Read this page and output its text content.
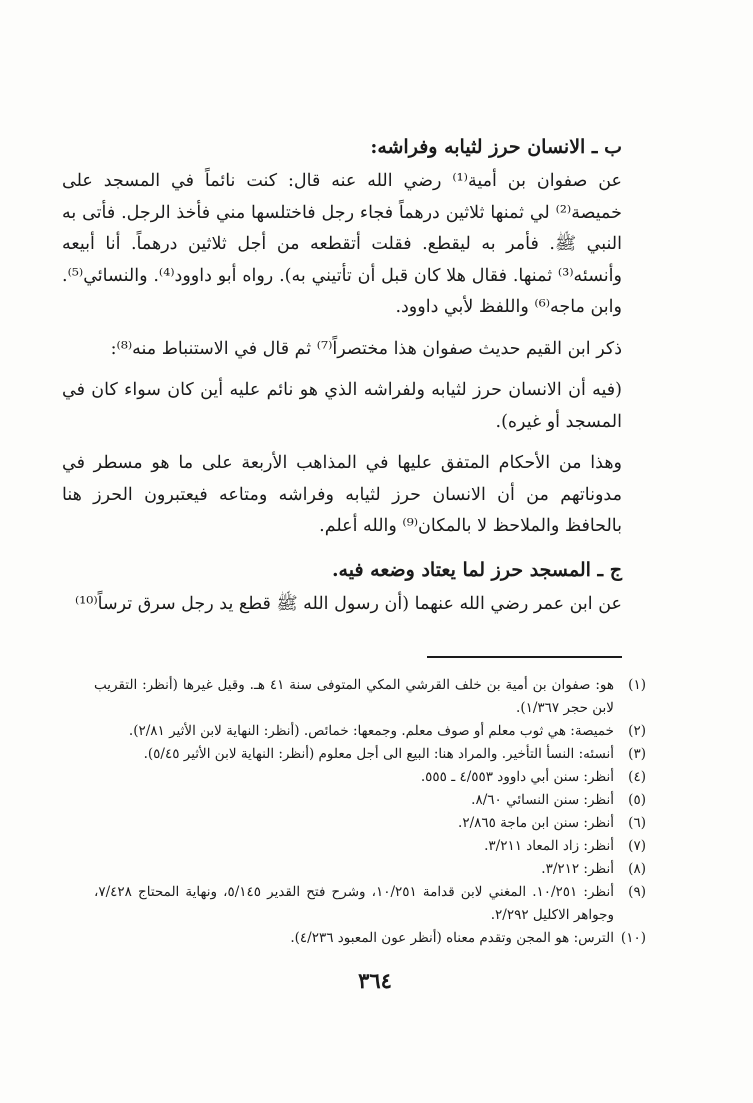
ب ـ الانسان حرز لثيابه وفراشه:

عن صفوان بن أمية⁽¹⁾ رضي الله عنه قال: كنت نائماً في المسجد على خميصة⁽²⁾ لي ثمنها ثلاثين درهماً فجاء رجل فاختلسها مني فأخذ الرجل. فأتى به النبي ﷺ. فأمر به ليقطع. فقلت أتقطعه من أجل ثلاثين درهماً. أنا أبيعه وأنسئه⁽³⁾ ثمنها. فقال هلا كان قبل أن تأتيني به). رواه أبو داوود⁽⁴⁾. والنسائي⁽⁵⁾. وابن ماجه⁽⁶⁾ واللفظ لأبي داوود.

ذكر ابن القيم حديث صفوان هذا مختصراً⁽⁷⁾ ثم قال في الاستنباط منه⁽⁸⁾:

(فيه أن الانسان حرز لثيابه ولفراشه الذي هو نائم عليه أين كان سواء كان في المسجد أو غيره).

وهذا من الأحكام المتفق عليها في المذاهب الأربعة على ما هو مسطر في مدوناتهم من أن الانسان حرز لثيابه وفراشه ومتاعه فيعتبرون الحرز هنا بالحافظ والملاحظ لا بالمكان⁽⁹⁾ والله أعلم.

ج ـ المسجد حرز لما يعتاد وضعه فيه.

عن ابن عمر رضي الله عنهما (أن رسول الله ﷺ قطع يد رجل سرق ترساً⁽¹⁰⁾

(١)
هو: صفوان بن أمية بن خلف القرشي المكي المتوفى سنة ٤١ هـ. وقيل غيرها (أنظر: التقريب لابن حجر ١/٣٦٧).
(٢)
خميصة: هي ثوب معلم أو صوف معلم. وجمعها: خمائص. (أنظر: النهاية لابن الأثير ٢/٨١).
(٣)
أنسئه: النسأ التأخير. والمراد هنا: البيع الى أجل معلوم (أنظر: النهاية لابن الأثير ٥/٤٥).
(٤)
أنظر: سنن أبي داوود ٤/٥٥٣ ـ ٥٥٥.
(٥)
أنظر: سنن النسائي ٨/٦٠.
(٦)
أنظر: سنن ابن ماجة ٢/٨٦٥.
(٧)
أنظر: زاد المعاد ٣/٢١١.
(٨)
أنظر: ٣/٢١٢.
(٩)
أنظر: ١٠/٢٥١. المغني لابن قدامة ١٠/٢٥١، وشرح فتح القدير ٥/١٤٥، ونهاية المحتاج ٧/٤٢٨، وجواهر الاكليل ٢/٢٩٢.
(١٠)
الترس: هو المجن وتقدم معناه (أنظر عون المعبود ٤/٢٣٦).
٣٦٤
